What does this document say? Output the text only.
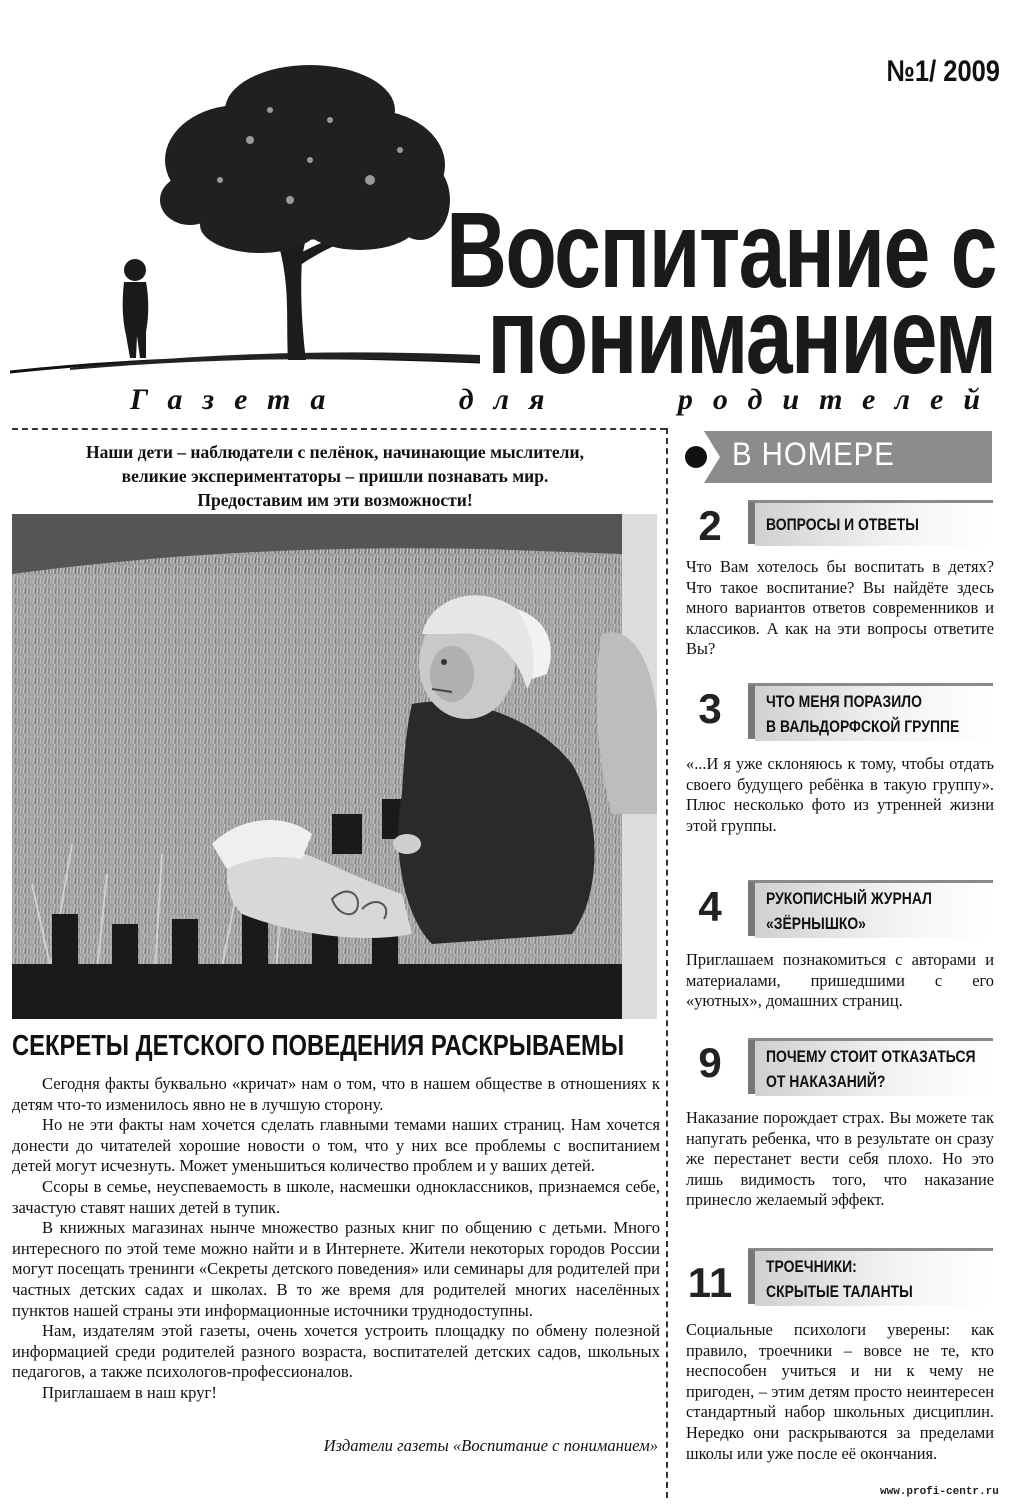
№1/ 2009
Воспитание с
пониманием
Газета для родителей
Наши дети – наблюдатели с пелёнок, начинающие мыслители,
великие экспериментаторы – пришли познавать мир.
Предоставим им эти возможности!
СЕКРЕТЫ ДЕТСКОГО ПОВЕДЕНИЯ РАСКРЫВАЕМЫ

Сегодня факты буквально «кричат» нам о том, что в нашем обществе в отношениях к детям что-то изменилось явно не в лучшую сторону.

Но не эти факты нам хочется сделать главными темами наших страниц. Нам хочется донести до читателей хорошие новости о том, что у них все проблемы с воспитанием детей могут исчезнуть. Может уменьшиться количество проблем и у ваших детей.

Ссоры в семье, неуспеваемость в школе, насмешки одноклассников, признаемся себе, зачастую ставят наших детей в тупик.

В книжных магазинах нынче множество разных книг по общению с детьми. Много интересного по этой теме можно найти и в Интернете. Жители некоторых городов России могут посещать тренинги «Секреты детского поведения» или семинары для родителей при частных детских садах и школах. В то же время для родителей многих населённых пунктов нашей страны эти информационные источники труднодоступны.

Нам, издателям этой газеты, очень хочется устроить площадку по обмену полезной информацией среди родителей разного возраста, воспитателей детских садов, школьных педагогов, а также психологов-профессионалов.

Приглашаем в наш круг!

Издатели газеты «Воспитание с пониманием»
В НОМЕРЕ
2	ВОПРОСЫ И ОТВЕТЫ
Что Вам хотелось бы воспитать в детях? Что такое воспитание? Вы найдёте здесь много вариантов ответов современников и классиков. А как на эти вопросы ответите Вы?
3	ЧТО МЕНЯ ПОРАЗИЛО
В ВАЛЬДОРФСКОЙ ГРУППЕ
«...И я уже склоняюсь к тому, чтобы отдать своего будущего ребёнка в такую группу». Плюс несколько фото из утренней жизни этой группы.
4	РУКОПИСНЫЙ ЖУРНАЛ
«ЗЁРНЫШКО»
Приглашаем познакомиться с авторами и материалами, пришедшими с его «уютных», домашних страниц.
9	ПОЧЕМУ СТОИТ ОТКАЗАТЬСЯ
ОТ НАКАЗАНИЙ?
Наказание порождает страх. Вы можете так напугать ребенка, что в результате он сразу же перестанет вести себя плохо. Но это лишь видимость того, что наказание принесло желаемый эффект.
11	ТРОЕЧНИКИ:
СКРЫТЫЕ ТАЛАНТЫ
Социальные психологи уверены: как правило, троечники – вовсе не те, кто неспособен учиться и ни к чему не пригоден, – этим детям просто неинтересен стандартный набор школьных дисциплин. Нередко они раскрываются за пределами школы или уже после её окончания.
www.profi-centr.ru
